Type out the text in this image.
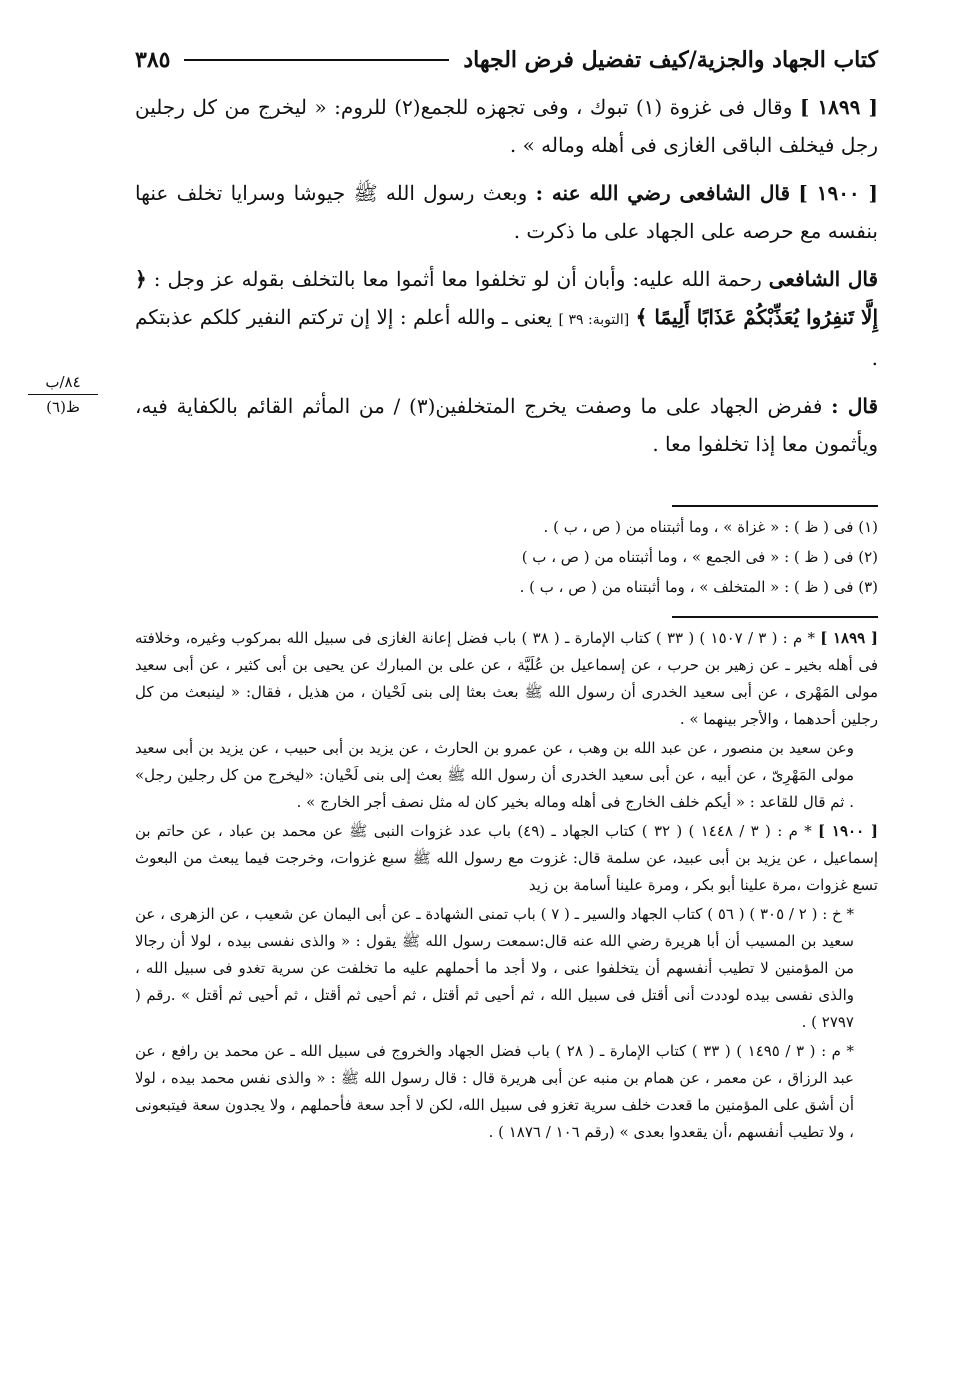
كتاب الجهاد والجزية/كيف تفضيل فرض الجهاد
٣٨٥
٨٤/ب
ظ(٦)

[ ١٨٩٩ ] وقال فى غزوة (١) تبوك ، وفى تجهزه للجمع(٢) للروم: « ليخرج من كل رجلين رجل فيخلف الباقى الغازى فى أهله وماله » .

[ ١٩٠٠ ] قال الشافعى رضي الله عنه : وبعث رسول الله ﷺ جيوشا وسرايا تخلف عنها بنفسه مع حرصه على الجهاد على ما ذكرت .

قال الشافعى رحمة الله عليه: وأبان أن لو تخلفوا معا أثموا معا بالتخلف بقوله عز وجل : ﴿ إِلَّا تَنفِرُوا يُعَذِّبْكُمْ عَذَابًا أَلِيمًا ﴾ [التوبة: ٣٩ ] يعنى ـ والله أعلم : إلا إن تركتم النفير كلكم عذبتكم .

قال : ففرض الجهاد على ما وصفت يخرج المتخلفين(٣) / من المأثم القائم بالكفاية فيه، ويأثمون معا إذا تخلفوا معا .

(١) فى ( ظ ) : « غزاة » ، وما أثبتناه من ( ص ، ب ) .
(٢) فى ( ظ ) : « فى الجمع » ، وما أثبتناه من ( ص ، ب )
(٣) فى ( ظ ) : « المتخلف » ، وما أثبتناه من ( ص ، ب ) .

[ ١٨٩٩ ] * م : ( ٣ / ١٥٠٧ ) ( ٣٣ ) كتاب الإمارة ـ ( ٣٨ ) باب فضل إعانة الغازى فى سبيل الله بمركوب وغيره، وخلافته فى أهله بخير ـ عن زهير بن حرب ، عن إسماعيل بن عُلَيَّة ، عن على بن المبارك عن يحيى بن أبى كثير ، عن أبى سعيد مولى المَهْرى ، عن أبى سعيد الخدرى أن رسول الله ﷺ بعث بعثا إلى بنى لَحْيان ، من هذيل ، فقال: « لينبعث من كل رجلين أحدهما ، والأجر بينهما » .

وعن سعيد بن منصور ، عن عبد الله بن وهب ، عن عمرو بن الحارث ، عن يزيد بن أبى حبيب ، عن يزيد بن أبى سعيد مولى المَهْرِىّ ، عن أبيه ، عن أبى سعيد الخدرى أن رسول الله ﷺ بعث إلى بنى لَحْيان: «ليخرج من كل رجلين رجل» . ثم قال للقاعد : « أيكم خلف الخارج فى أهله وماله بخير كان له مثل نصف أجر الخارج » .

[ ١٩٠٠ ] * م : ( ٣ / ١٤٤٨ ) ( ٣٢ ) كتاب الجهاد ـ (٤٩) باب عدد غزوات النبى ﷺ عن محمد بن عباد ، عن حاتم بن إسماعيل ، عن يزيد بن أبى عبيد، عن سلمة قال: غزوت مع رسول الله ﷺ سبع غزوات، وخرجت فيما يبعث من البعوث تسع غزوات ،مرة علينا أبو بكر ، ومرة علينا أسامة بن زيد

* خ : ( ٢ / ٣٠٥ ) ( ٥٦ ) كتاب الجهاد والسير ـ ( ٧ ) باب تمنى الشهادة ـ عن أبى اليمان عن شعيب ، عن الزهرى ، عن سعيد بن المسيب أن أبا هريرة رضي الله عنه قال:سمعت رسول الله ﷺ يقول : « والذى نفسى بيده ، لولا أن رجالا من المؤمنين لا تطيب أنفسهم أن يتخلفوا عنى ، ولا أجد ما أحملهم عليه ما تخلفت عن سرية تغدو فى سبيل الله ، والذى نفسى بيده لوددت أنى أقتل فى سبيل الله ، ثم أحيى ثم أقتل ، ثم أحيى ثم أقتل ، ثم أحيى ثم أقتل » .رقم ( ٢٧٩٧ ) .

* م : ( ٣ / ١٤٩٥ ) ( ٣٣ ) كتاب الإمارة ـ ( ٢٨ ) باب فضل الجهاد والخروج فى سبيل الله ـ عن محمد بن رافع ، عن عبد الرزاق ، عن معمر ، عن همام بن منبه عن أبى هريرة قال : قال رسول الله ﷺ : « والذى نفس محمد بيده ، لولا أن أشق على المؤمنين ما قعدت خلف سرية تغزو فى سبيل الله، لكن لا أجد سعة فأحملهم ، ولا يجدون سعة فيتبعونى ، ولا تطيب أنفسهم ،أن يقعدوا بعدى » (رقم ١٠٦ / ١٨٧٦ ) .
